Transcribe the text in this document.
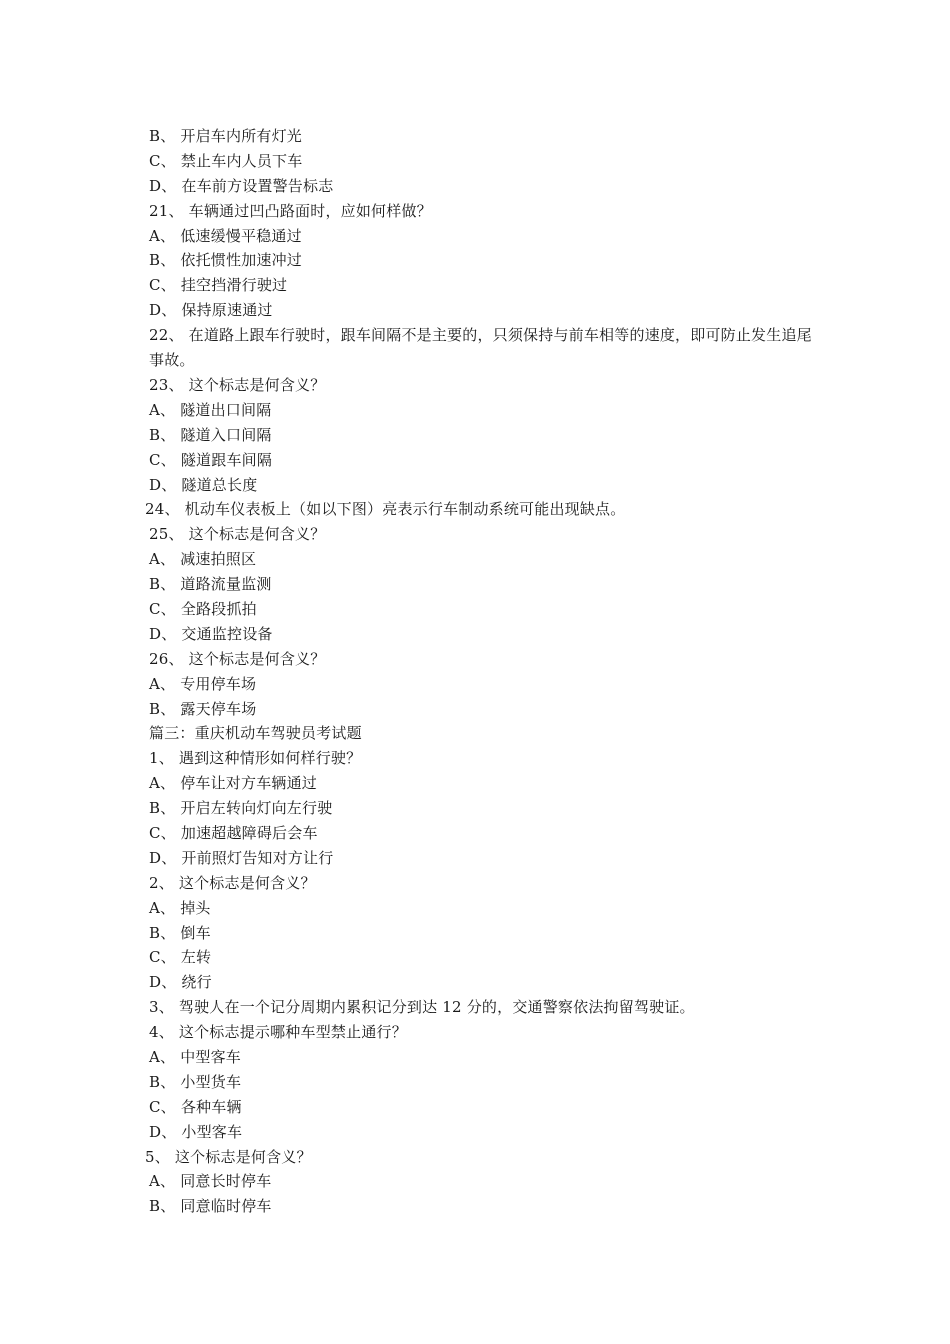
B、 开启车内所有灯光
C、 禁止车内人员下车
D、 在车前方设置警告标志
21、 车辆通过凹凸路面时，应如何样做？
A、 低速缓慢平稳通过
B、 依托惯性加速冲过
C、 挂空挡滑行驶过
D、 保持原速通过
22、 在道路上跟车行驶时，跟车间隔不是主要的，只须保持与前车相等的速度，即可防止发生追尾事故。
23、 这个标志是何含义？
A、 隧道出口间隔
B、 隧道入口间隔
C、 隧道跟车间隔
D、 隧道总长度
24、 机动车仪表板上（如以下图）亮表示行车制动系统可能出现缺点。
25、 这个标志是何含义？
A、 减速拍照区
B、 道路流量监测
C、 全路段抓拍
D、 交通监控设备
26、 这个标志是何含义？
A、 专用停车场
B、 露天停车场
篇三：重庆机动车驾驶员考试题
1、 遇到这种情形如何样行驶？
A、 停车让对方车辆通过
B、 开启左转向灯向左行驶
C、 加速超越障碍后会车
D、 开前照灯告知对方让行
2、 这个标志是何含义？
A、 掉头
B、 倒车
C、 左转
D、 绕行
3、 驾驶人在一个记分周期内累积记分到达 12 分的，交通警察依法拘留驾驶证。
4、 这个标志提示哪种车型禁止通行？
A、 中型客车
B、 小型货车
C、 各种车辆
D、 小型客车
5、 这个标志是何含义？
A、 同意长时停车
B、 同意临时停车
